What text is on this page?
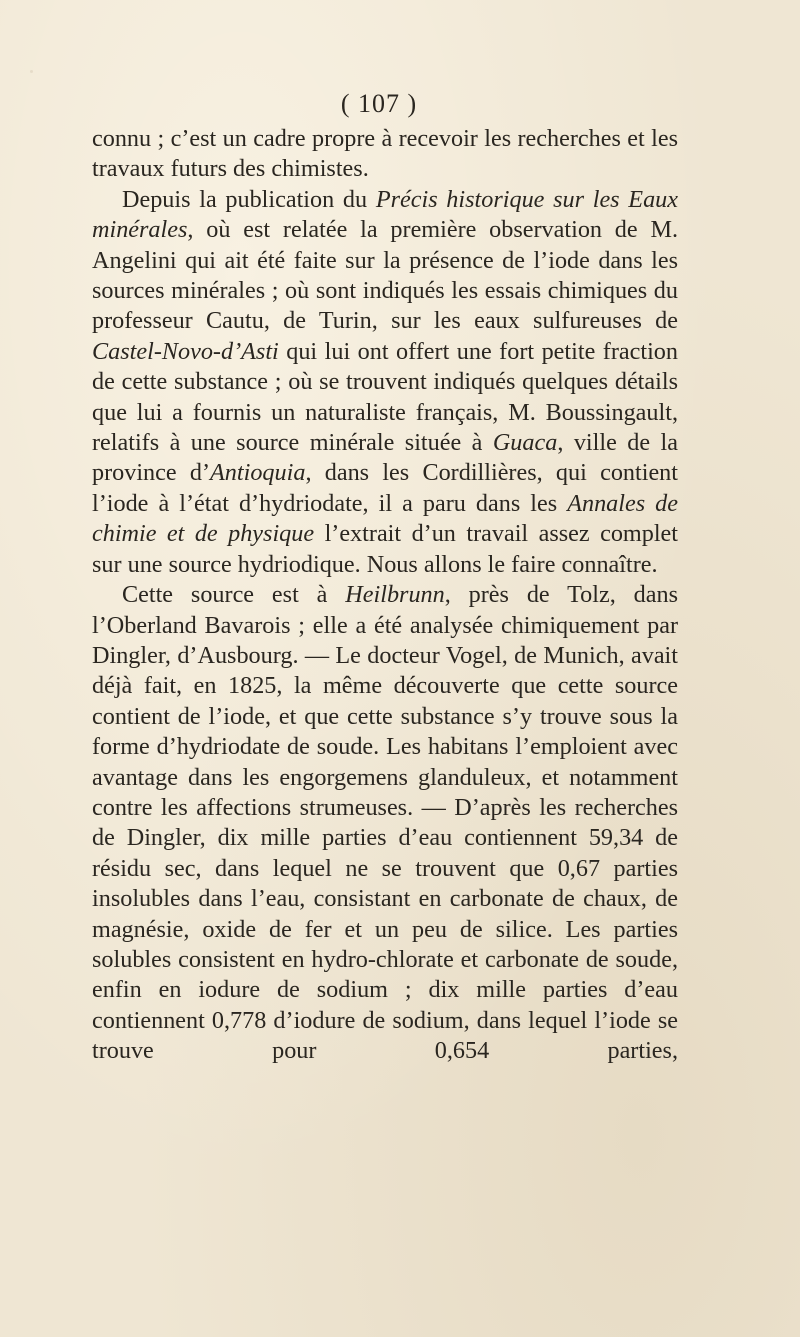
( 107 )

connu ; c’est un cadre propre à recevoir les recherches et les travaux futurs des chimistes.

Depuis la publication du Précis historique sur les Eaux minérales, où est relatée la première observation de M. Angelini qui ait été faite sur la présence de l’iode dans les sources minérales ; où sont indiqués les essais chimiques du professeur Cautu, de Turin, sur les eaux sulfureuses de Castel-Novo-d’Asti qui lui ont offert une fort petite fraction de cette substance ; où se trouvent indiqués quelques détails que lui a fournis un naturaliste français, M. Boussingault, relatifs à une source minérale située à Guaca, ville de la province d’Antioquia, dans les Cordillières, qui contient l’iode à l’état d’hydriodate, il a paru dans les Annales de chimie et de physique l’extrait d’un travail assez complet sur une source hydriodique. Nous allons le faire connaître.

Cette source est à Heilbrunn, près de Tolz, dans l’Oberland Bavarois ; elle a été analysée chimiquement par Dingler, d’Ausbourg. — Le docteur Vogel, de Munich, avait déjà fait, en 1825, la même découverte que cette source contient de l’iode, et que cette substance s’y trouve sous la forme d’hydriodate de soude. Les habitans l’emploient avec avantage dans les engorgemens glanduleux, et notamment contre les affections strumeuses. — D’après les recherches de Dingler, dix mille parties d’eau contiennent 59,34 de résidu sec, dans lequel ne se trouvent que 0,67 parties insolubles dans l’eau, consistant en carbonate de chaux, de magnésie, oxide de fer et un peu de silice. Les parties solubles consistent en hydro-chlorate et carbonate de soude, enfin en iodure de sodium ; dix mille parties d’eau contiennent 0,778 d’iodure de sodium, dans lequel l’iode se trouve pour 0,654 parties,
